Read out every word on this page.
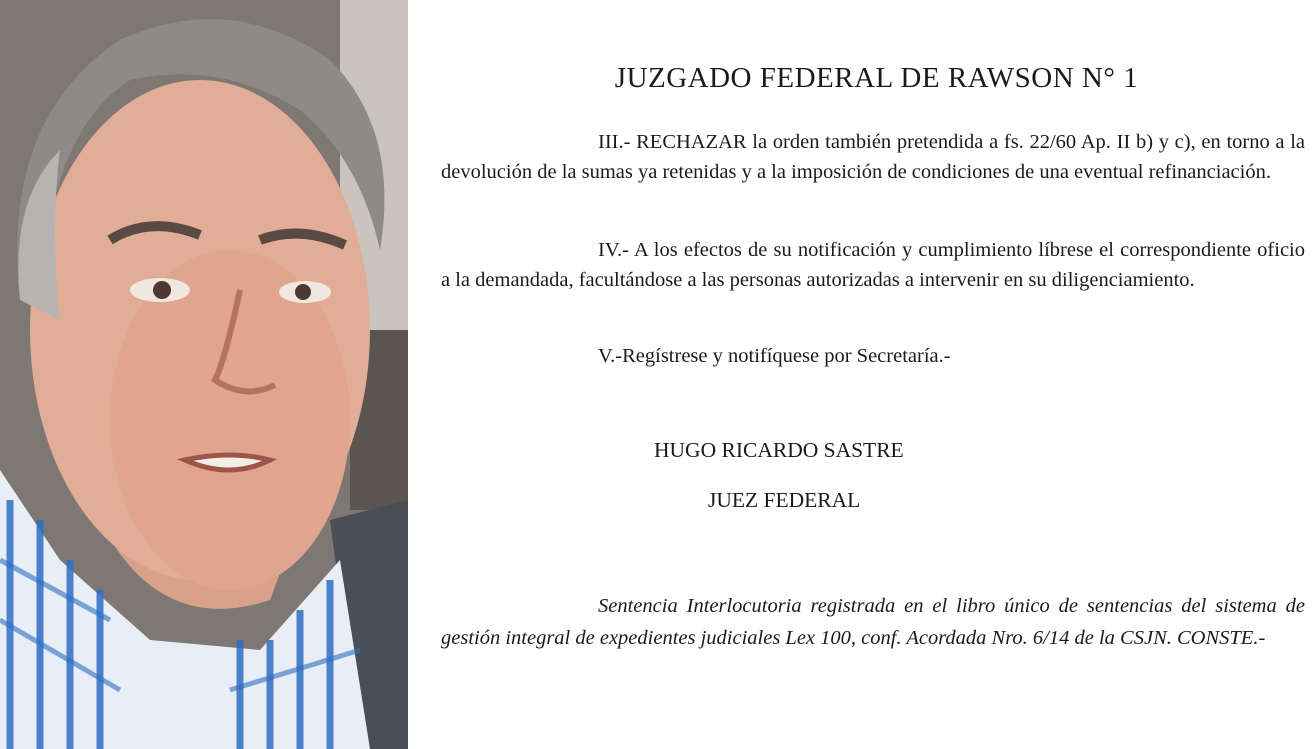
JUZGADO FEDERAL DE RAWSON N° 1
III.- RECHAZAR la orden también pretendida a fs. 22/60 Ap. II b) y c), en torno a la devolución de la sumas ya retenidas y a la imposición de condiciones de una eventual refinanciación.
IV.- A los efectos de su notificación y cumplimiento líbrese el correspondiente oficio a la demandada, facultándose a las personas autorizadas a intervenir en su diligenciamiento.
V.-Regístrese y notifíquese por Secretaría.-
HUGO RICARDO SASTRE
JUEZ FEDERAL
Sentencia Interlocutoria registrada en el libro único de sentencias del sistema de gestión integral de expedientes judiciales Lex 100, conf. Acordada Nro. 6/14 de la CSJN. CONSTE.-
